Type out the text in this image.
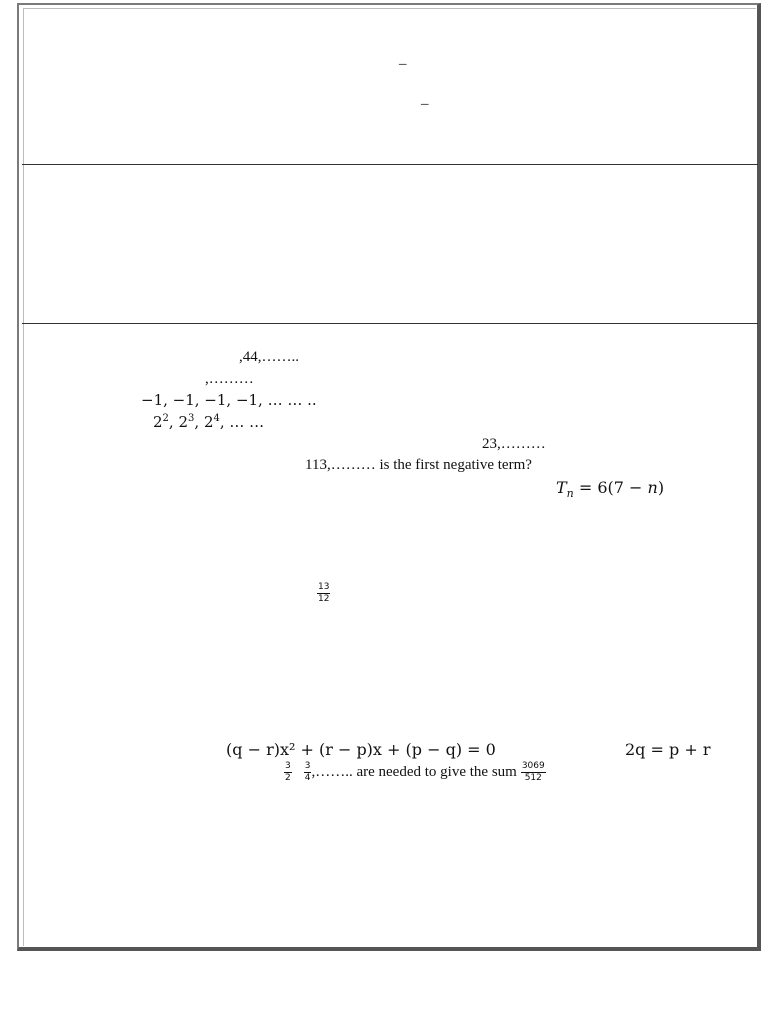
–
–
,44,……..
,………
−1, −1, −1, −1, … … ..
$2^2$, $2^3$, $2^4$, … …
23,………
113,……… is the first negative term?
$T_n = 6(7 - n)$
$\frac{13}{12}$
(q − r)x² + (r − p)x + (p − q) = 0	2q = p + r
$\frac{3}{2}$
$\frac{3}{4}$ ,…….. are needed to give the sum $\frac{3069}{512}$
